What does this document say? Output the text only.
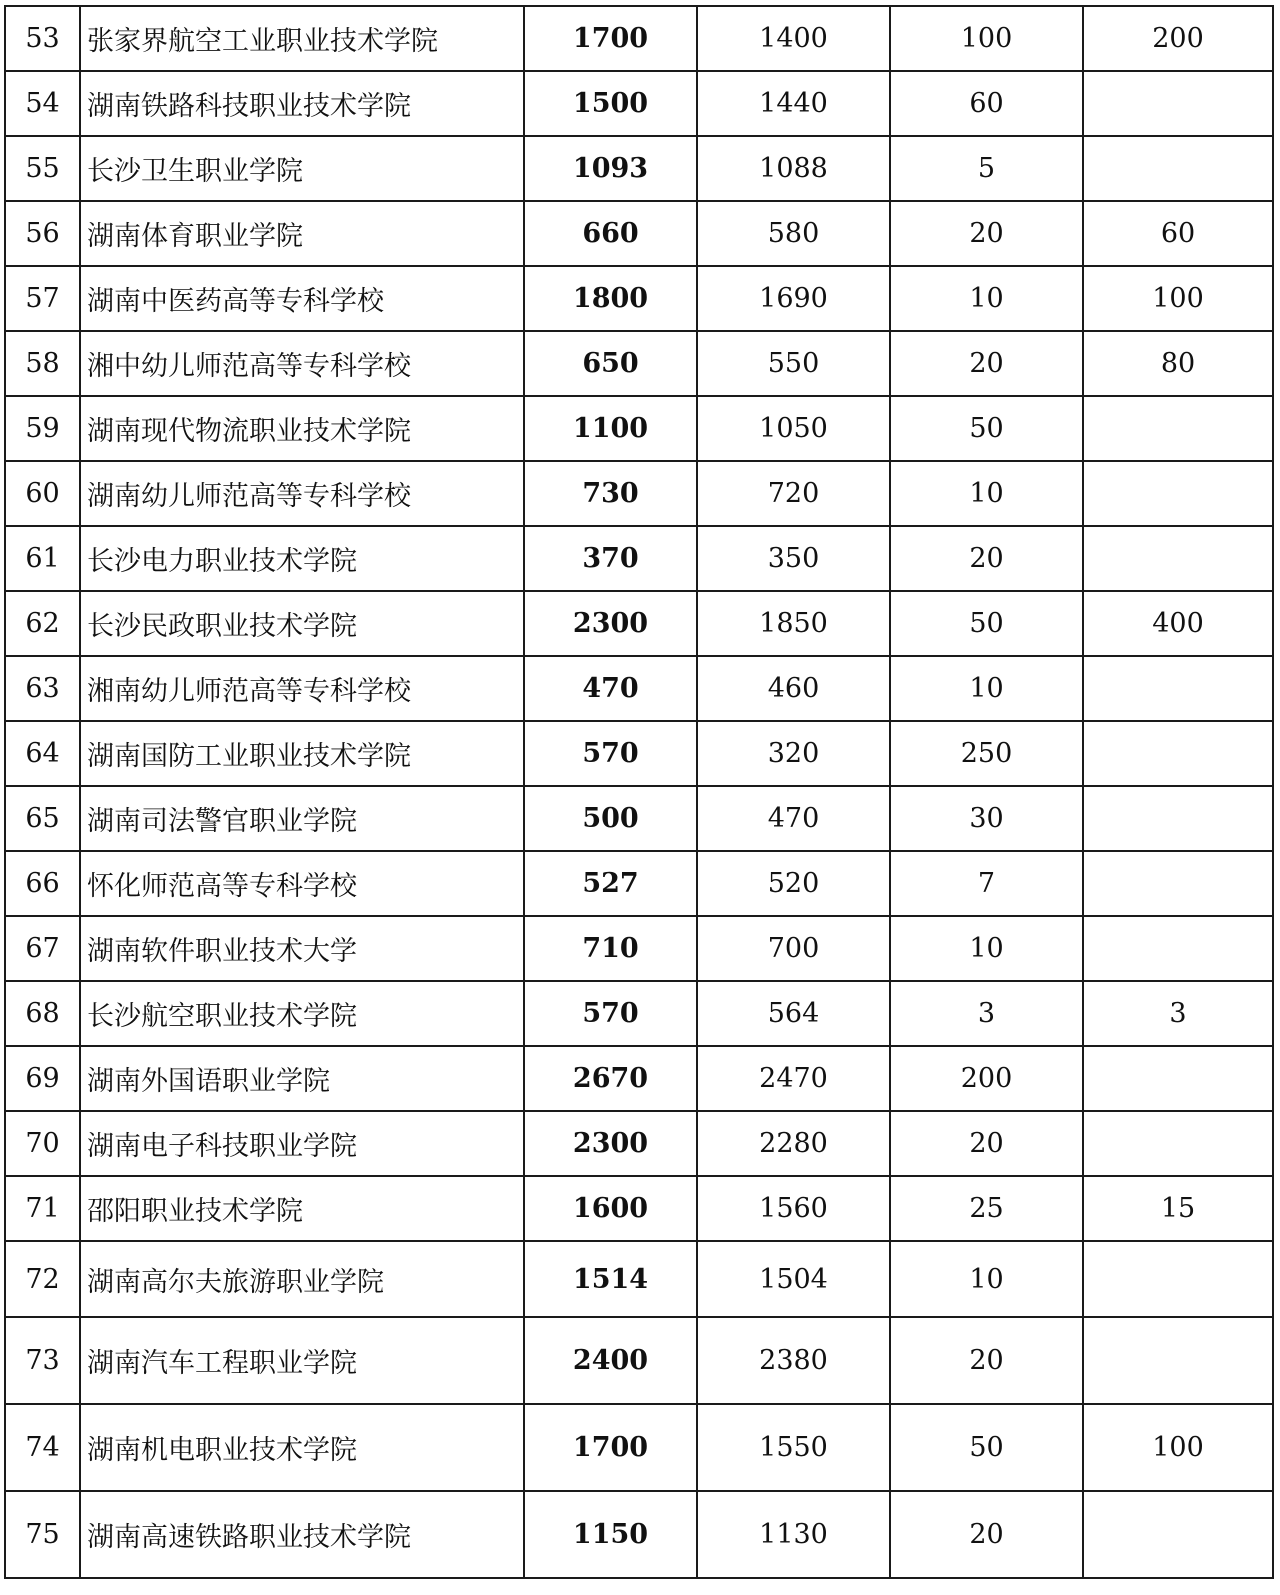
53	张家界航空工业职业技术学院	1700	1400	100	200
54	湖南铁路科技职业技术学院	1500	1440	60	
55	长沙卫生职业学院	1093	1088	5	
56	湖南体育职业学院	660	580	20	60
57	湖南中医药高等专科学校	1800	1690	10	100
58	湘中幼儿师范高等专科学校	650	550	20	80
59	湖南现代物流职业技术学院	1100	1050	50	
60	湖南幼儿师范高等专科学校	730	720	10	
61	长沙电力职业技术学院	370	350	20	
62	长沙民政职业技术学院	2300	1850	50	400
63	湘南幼儿师范高等专科学校	470	460	10	
64	湖南国防工业职业技术学院	570	320	250	
65	湖南司法警官职业学院	500	470	30	
66	怀化师范高等专科学校	527	520	7	
67	湖南软件职业技术大学	710	700	10	
68	长沙航空职业技术学院	570	564	3	3
69	湖南外国语职业学院	2670	2470	200	
70	湖南电子科技职业学院	2300	2280	20	
71	邵阳职业技术学院	1600	1560	25	15
72	湖南高尔夫旅游职业学院	1514	1504	10	
73	湖南汽车工程职业学院	2400	2380	20	
74	湖南机电职业技术学院	1700	1550	50	100
75	湖南高速铁路职业技术学院	1150	1130	20	
